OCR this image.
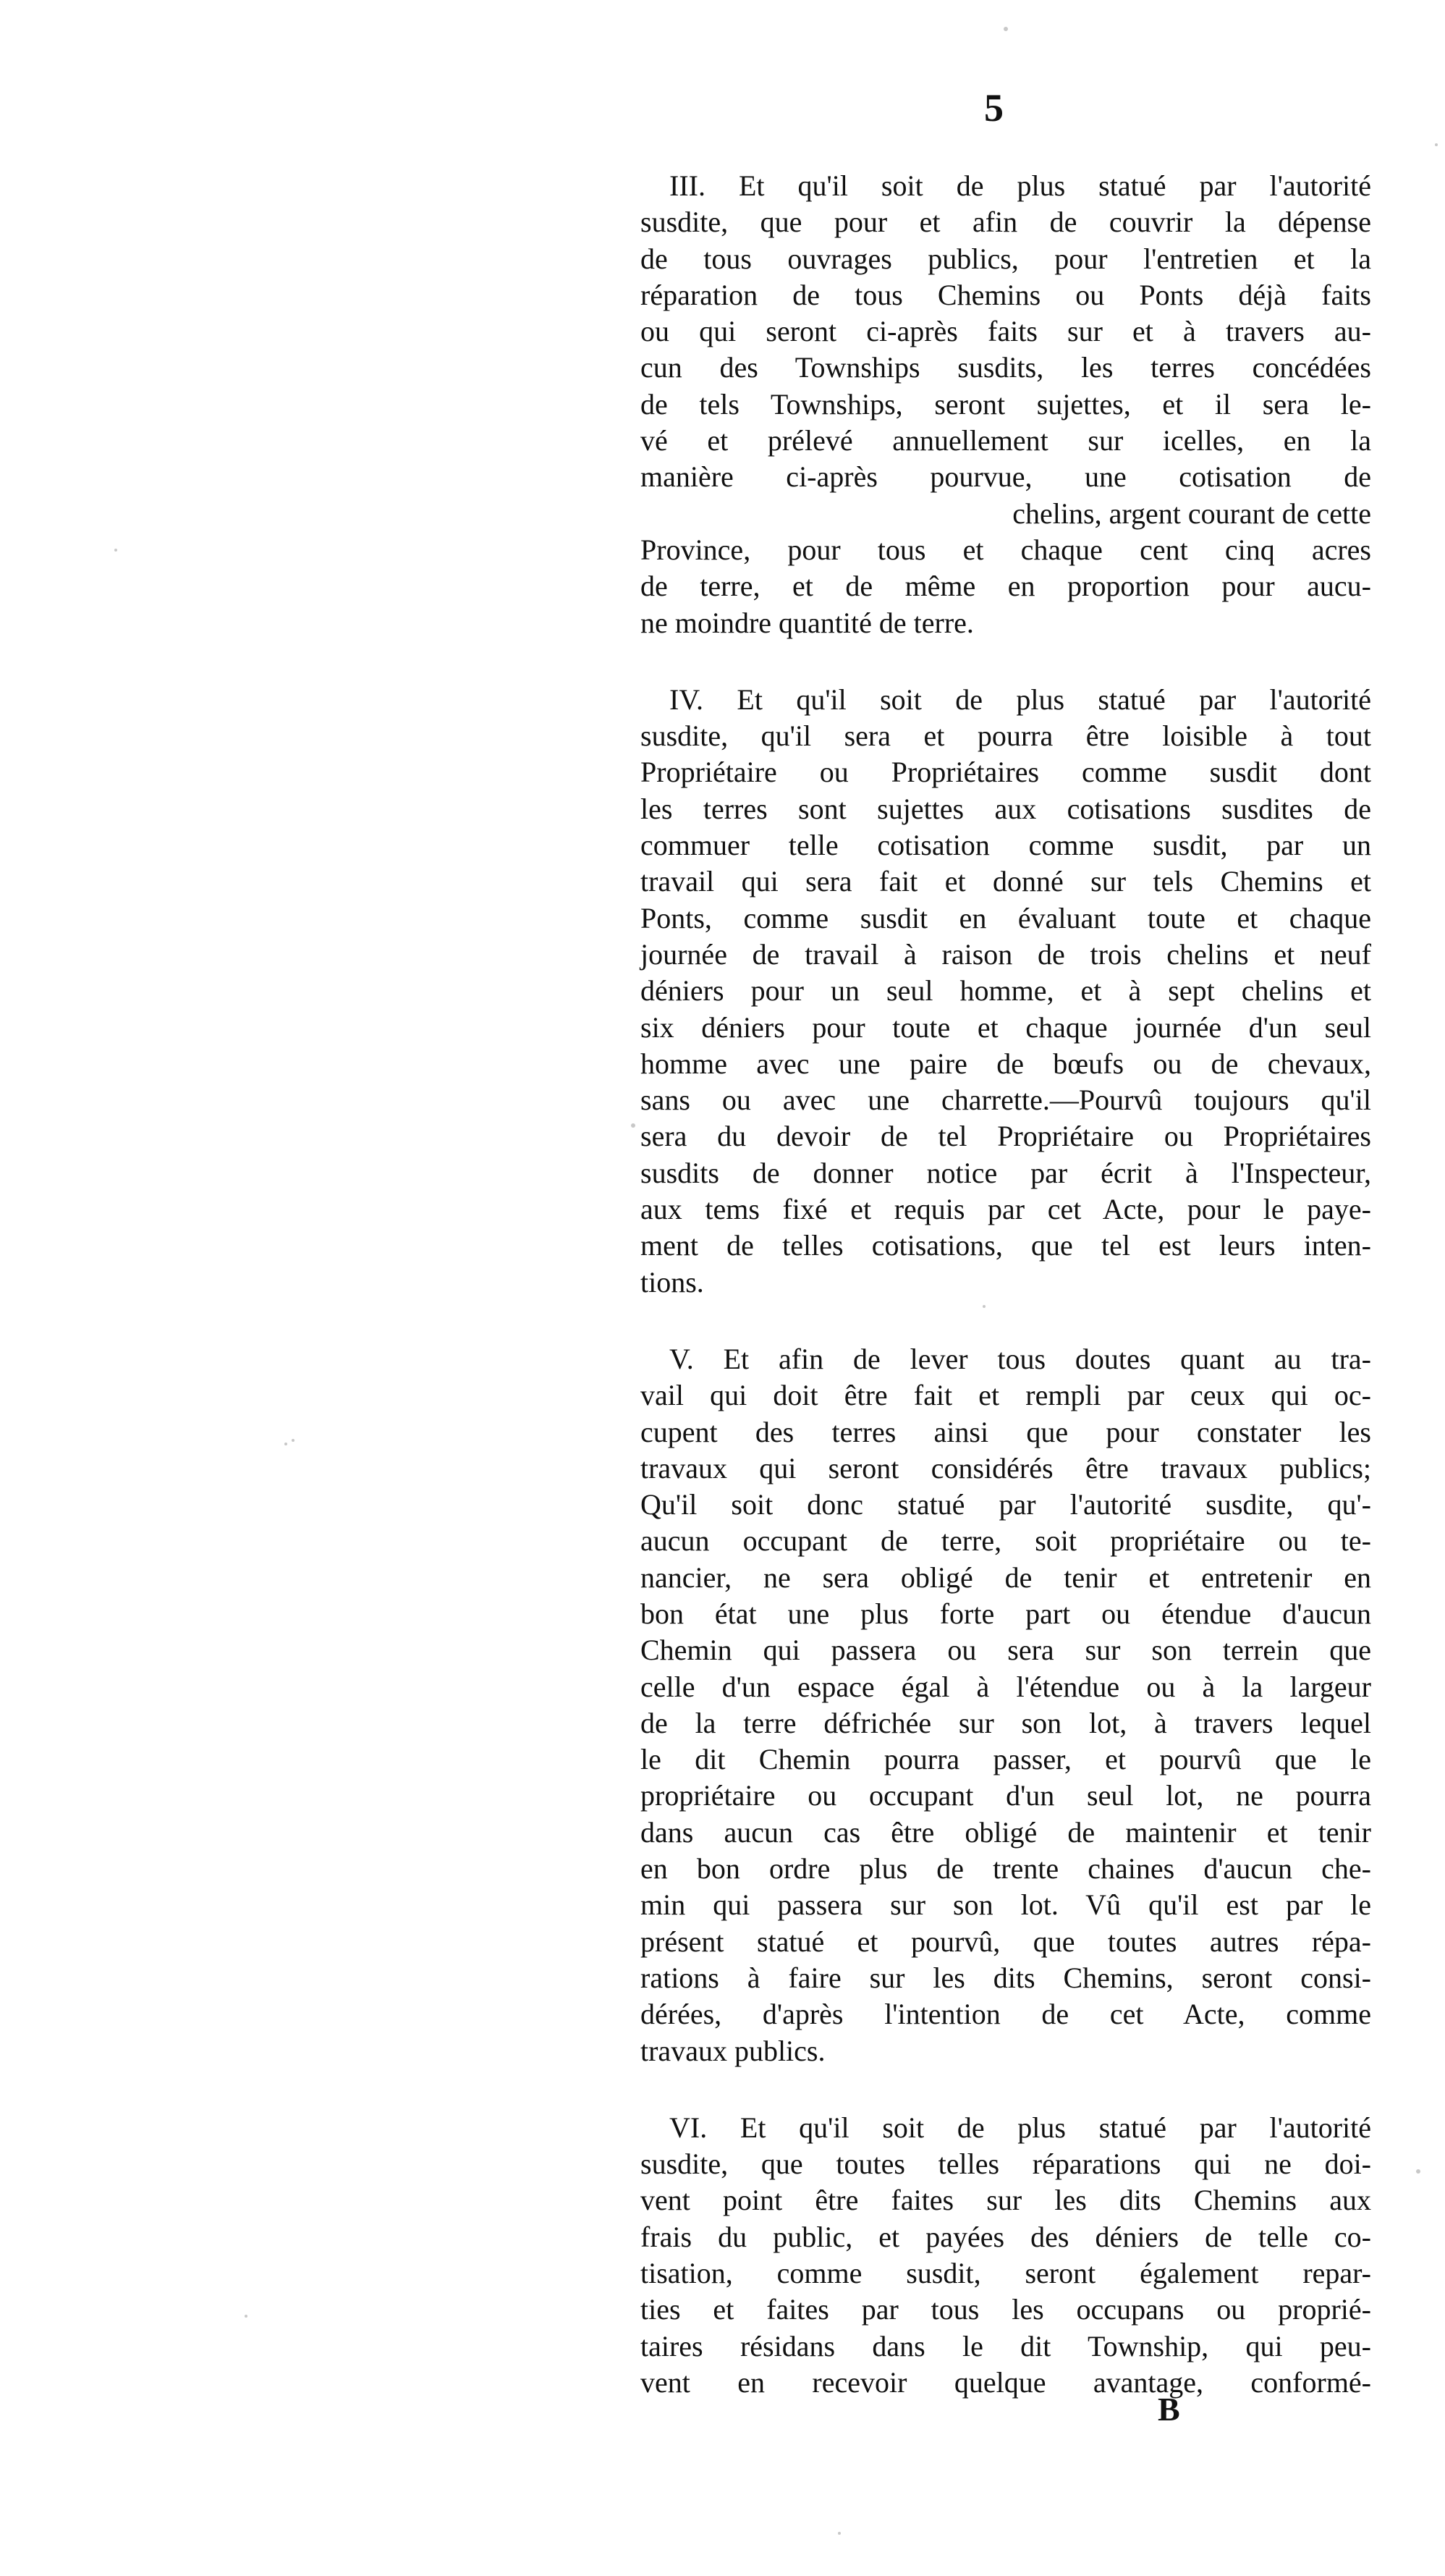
5
III. Et qu'il soit de plus statué par l'autorité
susdite, que pour et afin de couvrir la dépense
de tous ouvrages publics, pour l'entretien et la
réparation de tous Chemins ou Ponts déjà faits
ou qui seront ci-après faits sur et à travers au-
cun des Townships susdits, les terres concédées
de tels Townships, seront sujettes, et il sera le-
vé et prélevé annuellement sur icelles, en la
manière ci-après pourvue, une cotisation de
chelins, argent courant de cette
Province, pour tous et chaque cent cinq acres
de terre, et de même en proportion pour aucu-
ne moindre quantité de terre.
IV. Et qu'il soit de plus statué par l'autorité
susdite, qu'il sera et pourra être loisible à tout
Propriétaire ou Propriétaires comme susdit dont
les terres sont sujettes aux cotisations susdites de
commuer telle cotisation comme susdit, par un
travail qui sera fait et donné sur tels Chemins et
Ponts, comme susdit en évaluant toute et chaque
journée de travail à raison de trois chelins et neuf
déniers pour un seul homme, et à sept chelins et
six déniers pour toute et chaque journée d'un seul
homme avec une paire de bœufs ou de chevaux,
sans ou avec une charrette.—Pourvû toujours qu'il
sera du devoir de tel Propriétaire ou Propriétaires
susdits de donner notice par écrit à l'Inspecteur,
aux tems fixé et requis par cet Acte, pour le paye-
ment de telles cotisations, que tel est leurs inten-
tions.
V. Et afin de lever tous doutes quant au tra-
vail qui doit être fait et rempli par ceux qui oc-
cupent des terres ainsi que pour constater les
travaux qui seront considérés être travaux publics;
Qu'il soit donc statué par l'autorité susdite, qu'-
aucun occupant de terre, soit propriétaire ou te-
nancier, ne sera obligé de tenir et entretenir en
bon état une plus forte part ou étendue d'aucun
Chemin qui passera ou sera sur son terrein que
celle d'un espace égal à l'étendue ou à la largeur
de la terre défrichée sur son lot, à travers lequel
le dit Chemin pourra passer, et pourvû que le
propriétaire ou occupant d'un seul lot, ne pourra
dans aucun cas être obligé de maintenir et tenir
en bon ordre plus de trente chaines d'aucun che-
min qui passera sur son lot. Vû qu'il est par le
présent statué et pourvû, que toutes autres répa-
rations à faire sur les dits Chemins, seront consi-
dérées, d'après l'intention de cet Acte, comme
travaux publics.
VI. Et qu'il soit de plus statué par l'autorité
susdite, que toutes telles réparations qui ne doi-
vent point être faites sur les dits Chemins aux
frais du public, et payées des déniers de telle co-
tisation, comme susdit, seront également repar-
ties et faites par tous les occupans ou proprié-
taires résidans dans le dit Township, qui peu-
vent en recevoir quelque avantage, conformé-
B
